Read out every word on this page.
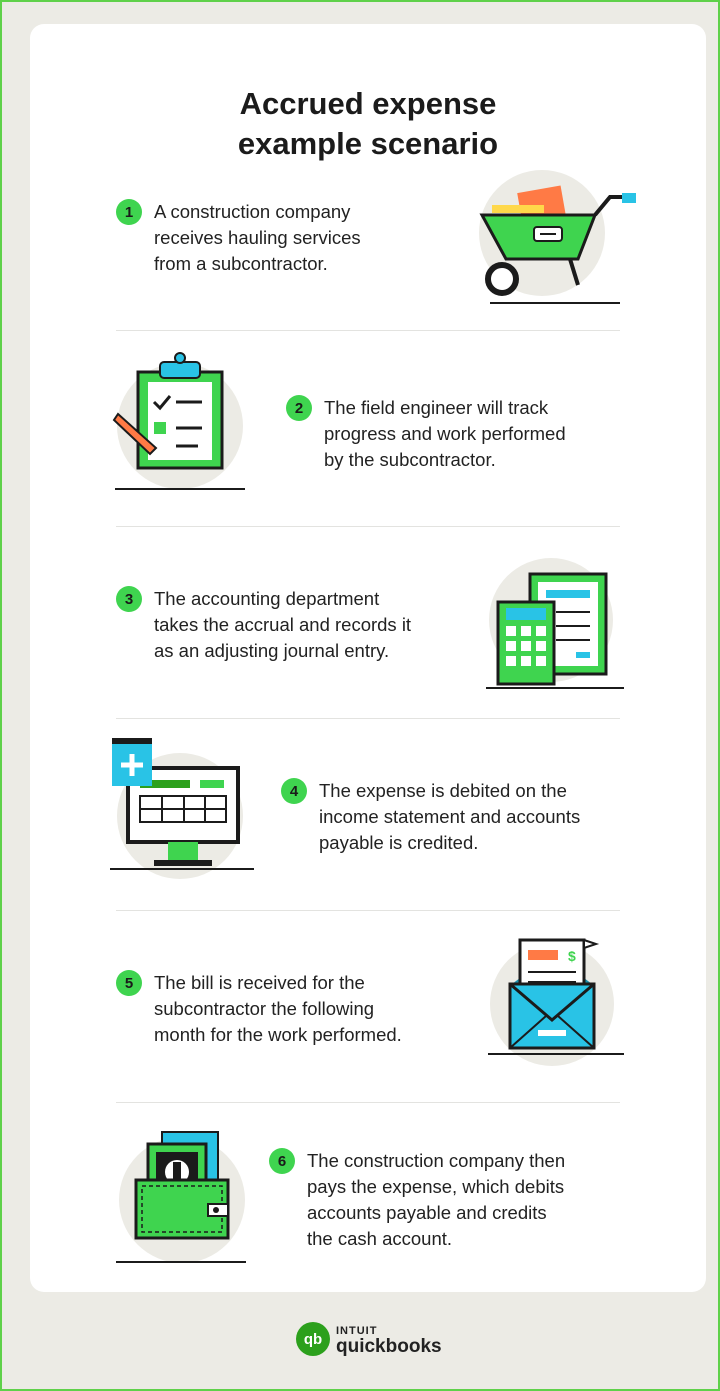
Accrued expense
example scenario
1	A construction company
receives hauling services
from a subcontractor.
2	The field engineer will track
progress and work performed
by the subcontractor.
3	The accounting department
takes the accrual and records it
as an adjusting journal entry.
4	The expense is debited on the
income statement and accounts
payable is credited.
5	The bill is received for the
subcontractor the following
month for the work performed.
$
6	The construction company then
pays the expense, which debits
accounts payable and credits
the cash account.
qb	INTUIT
quickbooks
